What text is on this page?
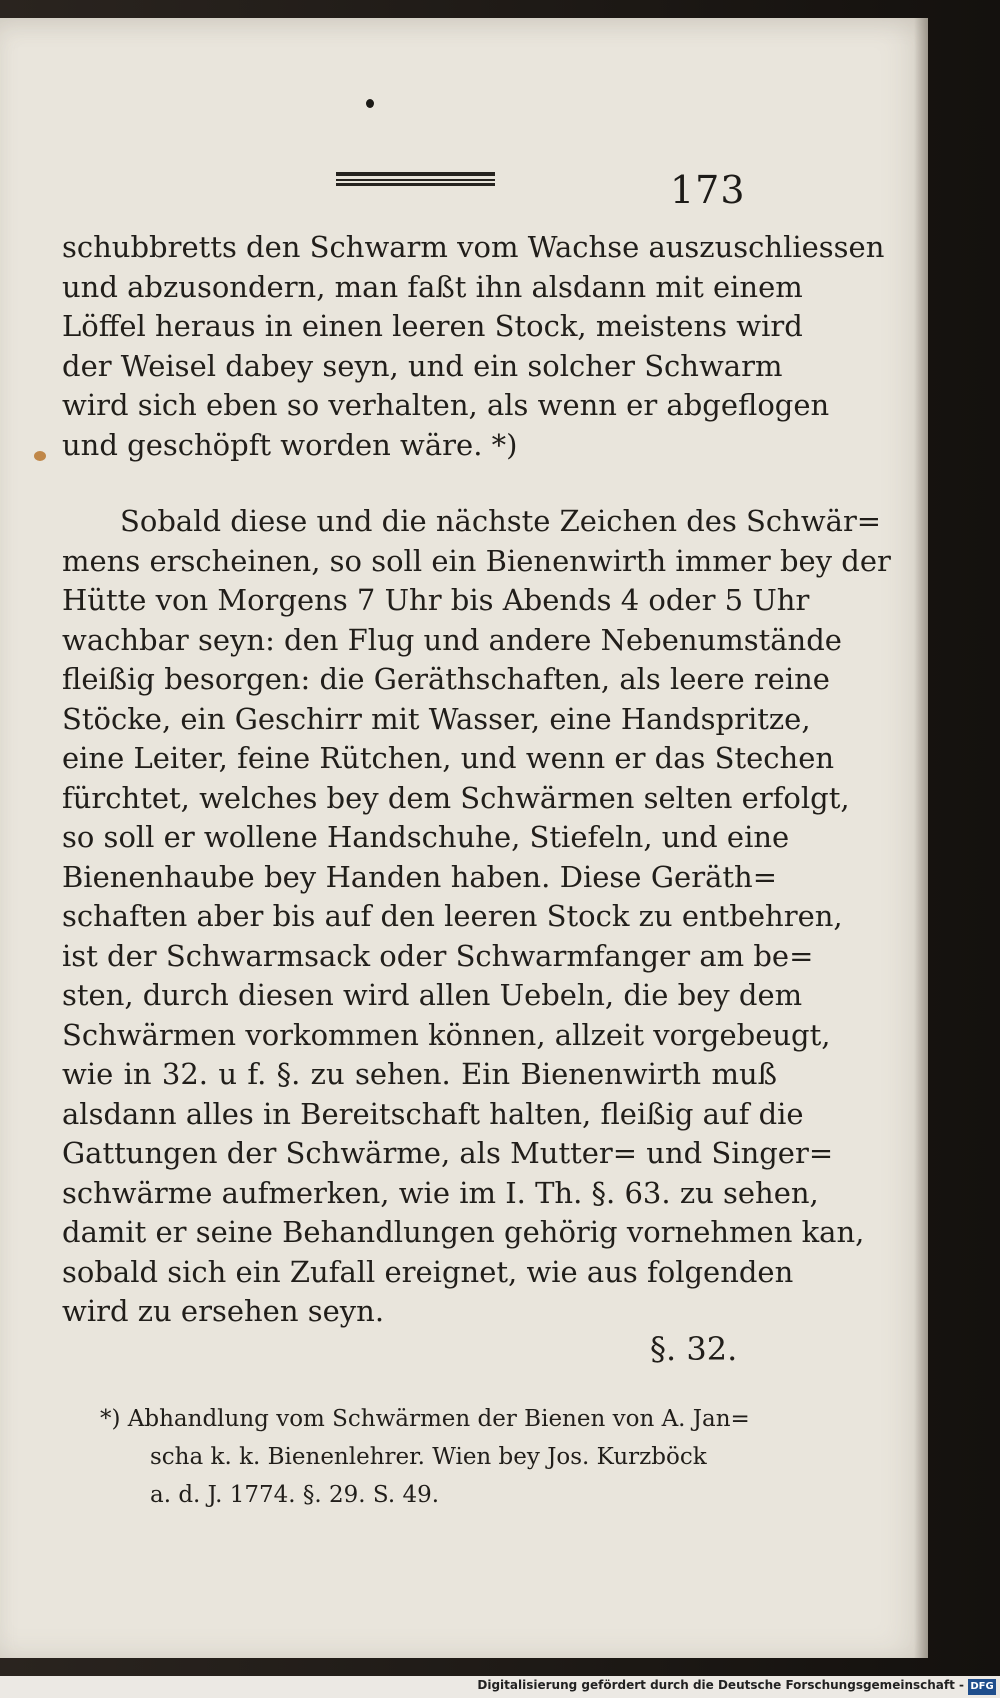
173
schubbretts den Schwarm vom Wachse auszuschliessen
und abzusondern, man faßt ihn alsdann mit einem
Löffel heraus in einen leeren Stock, meistens wird
der Weisel dabey seyn, und ein solcher Schwarm
wird sich eben so verhalten, als wenn er abgeflogen
und geschöpft worden wäre. *)
Sobald diese und die nächste Zeichen des Schwär=
mens erscheinen, so soll ein Bienenwirth immer bey der
Hütte von Morgens 7 Uhr bis Abends 4 oder 5 Uhr
wachbar seyn: den Flug und andere Nebenumstände
fleißig besorgen: die Geräthschaften, als leere reine
Stöcke, ein Geschirr mit Wasser, eine Handspritze,
eine Leiter, feine Rütchen, und wenn er das Stechen
fürchtet, welches bey dem Schwärmen selten erfolgt,
so soll er wollene Handschuhe, Stiefeln, und eine
Bienenhaube bey Handen haben. Diese Geräth=
schaften aber bis auf den leeren Stock zu entbehren,
ist der Schwarmsack oder Schwarmfanger am be=
sten, durch diesen wird allen Uebeln, die bey dem
Schwärmen vorkommen können, allzeit vorgebeugt,
wie in 32. u f. §. zu sehen. Ein Bienenwirth muß
alsdann alles in Bereitschaft halten, fleißig auf die
Gattungen der Schwärme, als Mutter= und Singer=
schwärme aufmerken, wie im I. Th. §. 63. zu sehen,
damit er seine Behandlungen gehörig vornehmen kan,
sobald sich ein Zufall ereignet, wie aus folgenden
wird zu ersehen seyn.
§. 32.
*) Abhandlung vom Schwärmen der Bienen von A. Jan=
scha k. k. Bienenlehrer. Wien bey Jos. Kurzböck
a. d. J. 1774. §. 29. S. 49.
Digitalisierung gefördert durch die Deutsche Forschungsgemeinschaft - DFG
